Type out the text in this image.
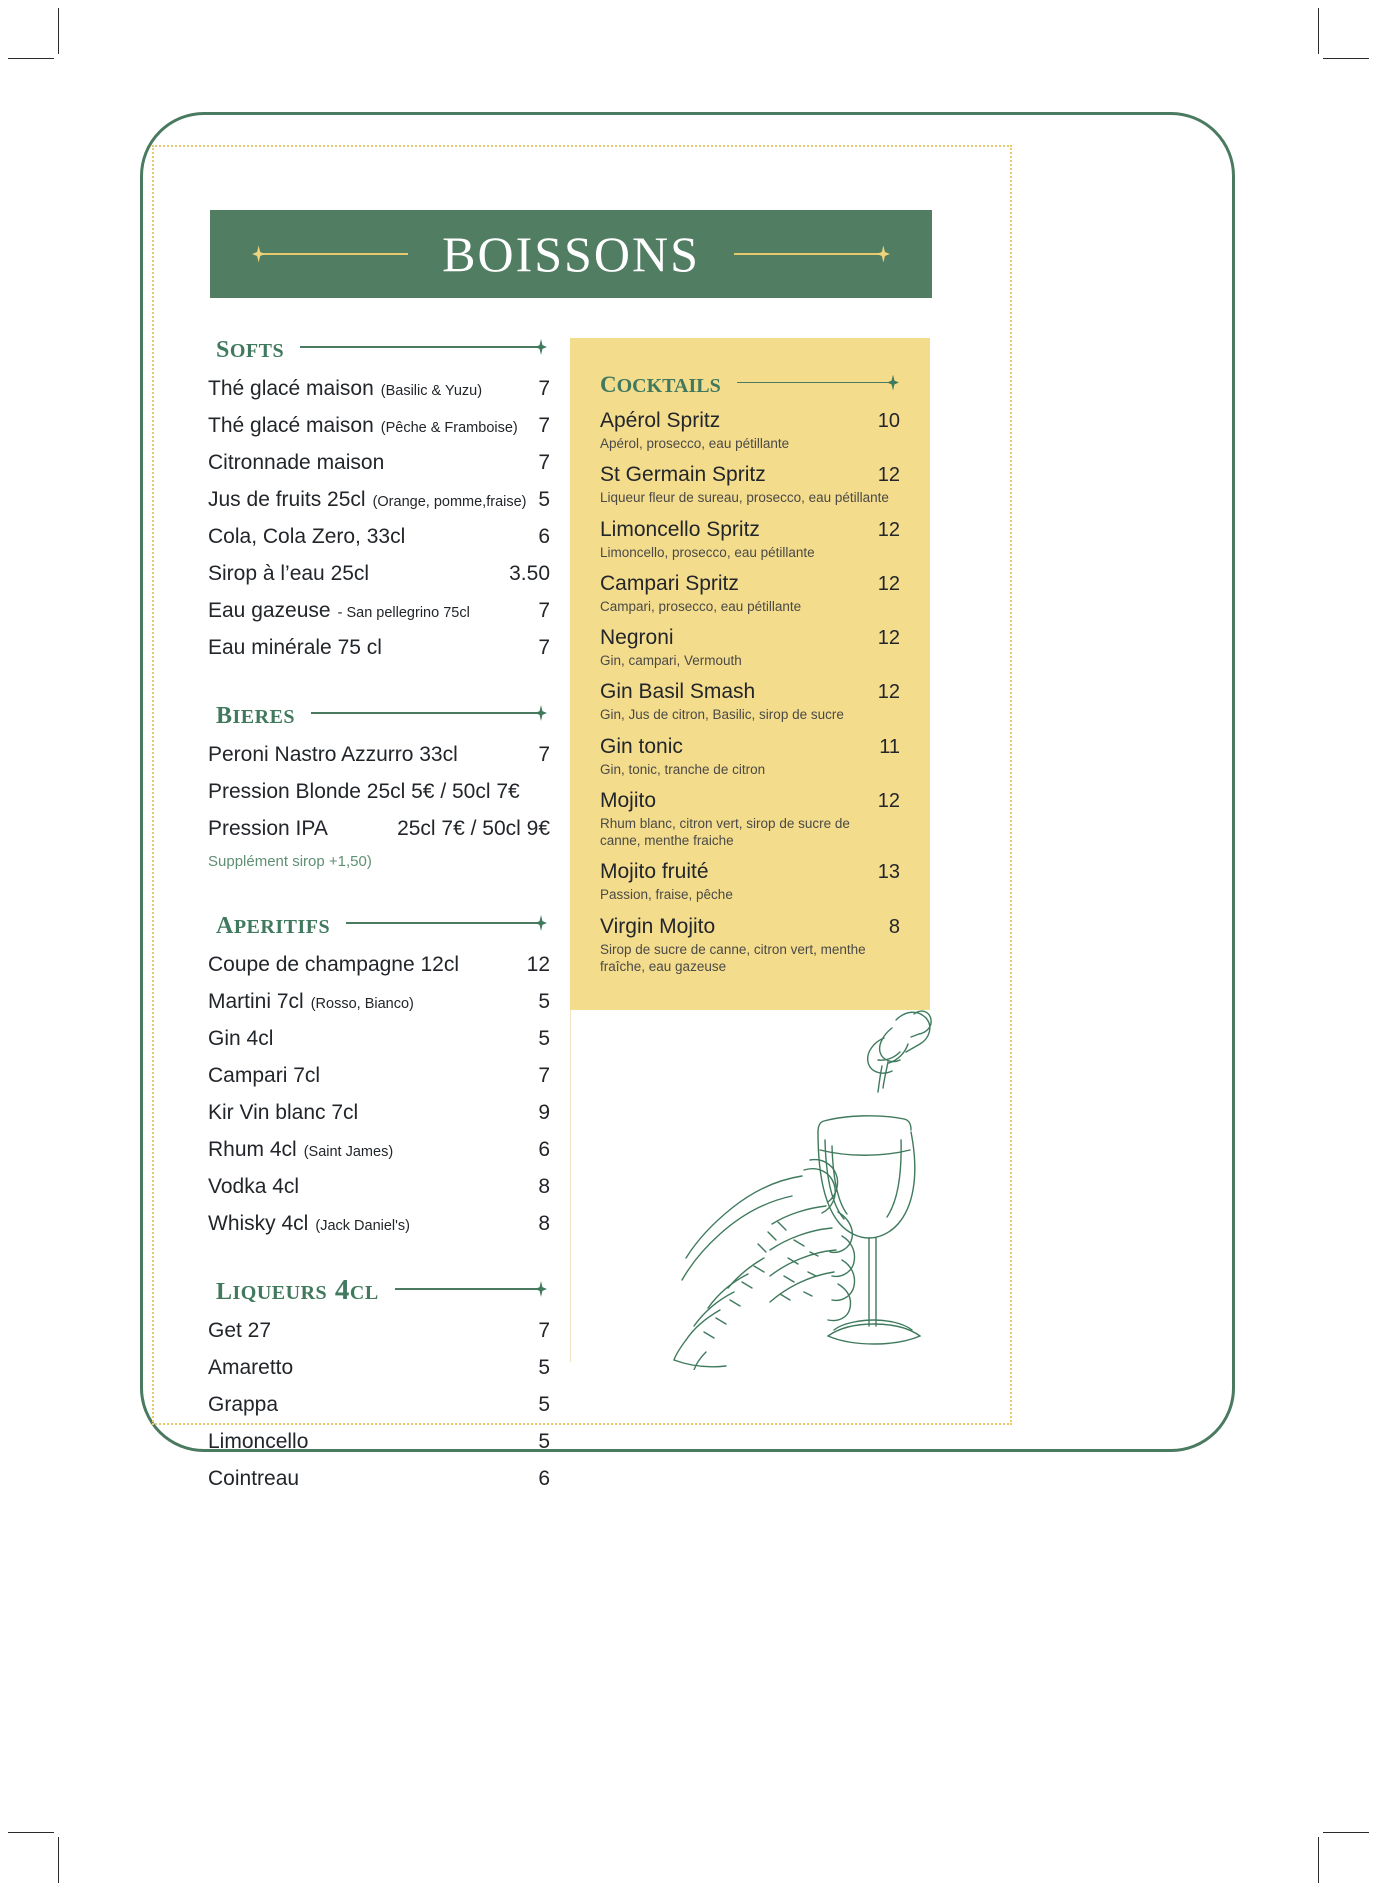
BOISSONS
softs
Thé glacé maison (Basilic & Yuzu)	7
Thé glacé maison (Pêche & Framboise) 7
Citronnade maison	7
Jus de fruits 25cl (Orange, pomme,fraise) 5
Cola, Cola Zero, 33cl	6
Sirop à l’eau 25cl	3.50
Eau gazeuse - San pellegrino 75cl	7
Eau minérale 75 cl	7
bieres
Peroni Nastro Azzurro 33cl	7
Pression Blonde 25cl 5€ / 50cl 7€
Pression IPA	25cl 7€ / 50cl 9€
Supplément sirop +1,50)
aperitifs
Coupe de champagne 12cl	12
Martini 7cl (Rosso, Bianco)	5
Gin 4cl	5
Campari 7cl	7
Kir Vin blanc 7cl	9
Rhum 4cl (Saint James)	6
Vodka 4cl	8
Whisky 4cl (Jack Daniel's)	8
liqueurs 4cl
Get 27	7
Amaretto	5
Grappa	5
Limoncello	5
Cointreau	6
cocktails
Apérol Spritz	10
Apérol, prosecco, eau pétillante
St Germain Spritz	12
Liqueur fleur de sureau, prosecco, eau pétillante
Limoncello Spritz	12
Limoncello, prosecco, eau pétillante
Campari Spritz	12
Campari, prosecco, eau pétillante
Negroni	12
Gin, campari, Vermouth
Gin Basil Smash	12
Gin, Jus de citron, Basilic, sirop de sucre
Gin tonic	11
Gin, tonic, tranche de citron
Mojito	12
Rhum blanc, citron vert, sirop de sucre de canne, menthe fraiche
Mojito fruité	13
Passion, fraise, pêche
Virgin Mojito	8
Sirop de sucre de canne, citron vert, menthe fraîche, eau gazeuse
